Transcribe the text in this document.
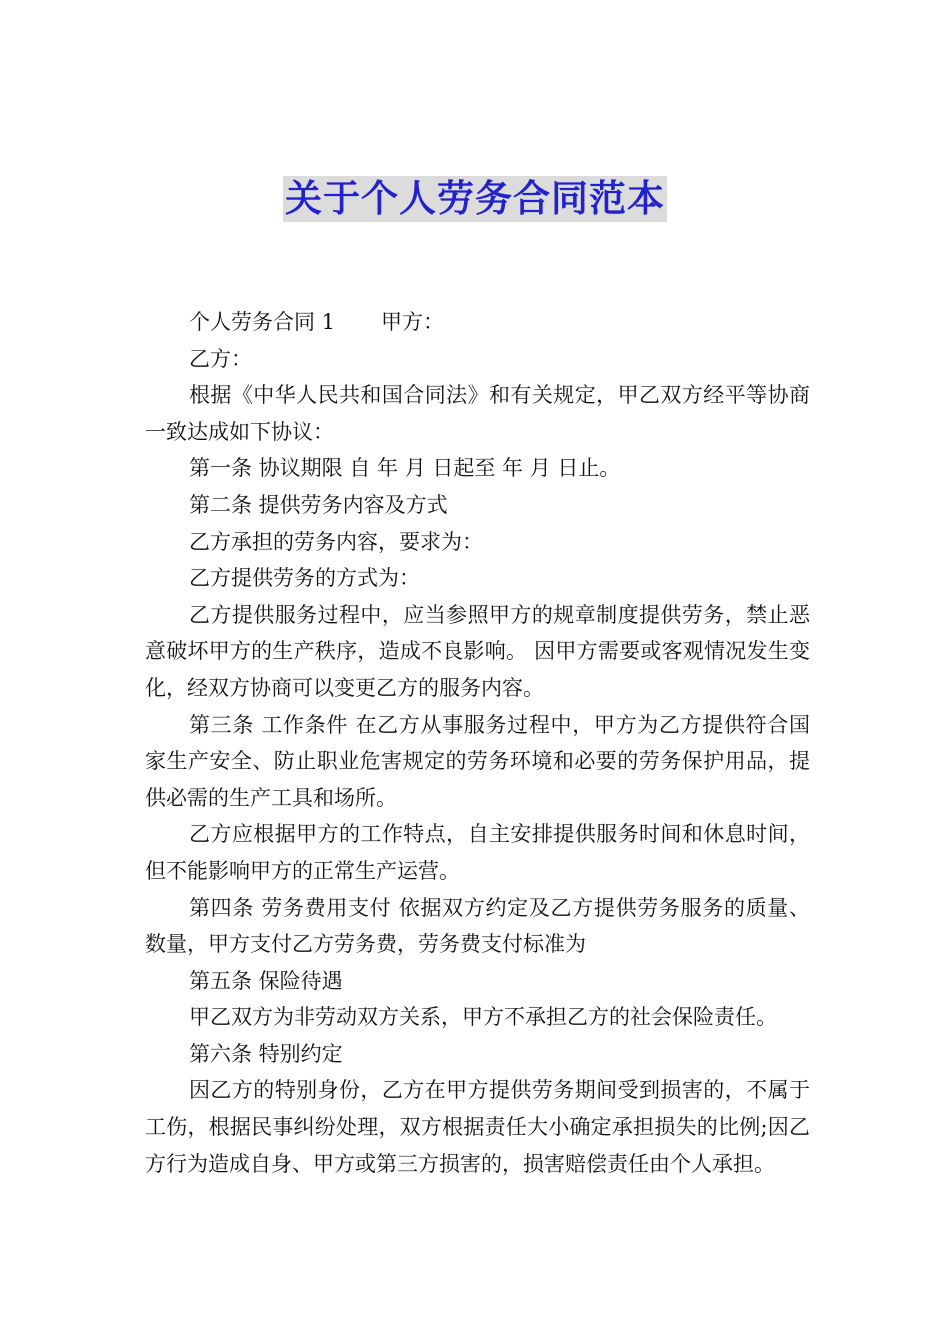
关于个人劳务合同范本

个人劳务合同 1 甲方：

乙方：

根据《中华人民共和国合同法》和有关规定，甲乙双方经平等协商一致达成如下协议：

第一条 协议期限 自 年 月 日起至 年 月 日止。

第二条 提供劳务内容及方式

乙方承担的劳务内容，要求为：

乙方提供劳务的方式为：

乙方提供服务过程中，应当参照甲方的规章制度提供劳务，禁止恶意破坏甲方的生产秩序，造成不良影响。 因甲方需要或客观情况发生变化，经双方协商可以变更乙方的服务内容。

第三条 工作条件 在乙方从事服务过程中，甲方为乙方提供符合国家生产安全、防止职业危害规定的劳务环境和必要的劳务保护用品，提供必需的生产工具和场所。

乙方应根据甲方的工作特点，自主安排提供服务时间和休息时间，但不能影响甲方的正常生产运营。

第四条 劳务费用支付 依据双方约定及乙方提供劳务服务的质量、数量，甲方支付乙方劳务费，劳务费支付标准为

第五条 保险待遇

甲乙双方为非劳动双方关系，甲方不承担乙方的社会保险责任。

第六条 特别约定

因乙方的特别身份，乙方在甲方提供劳务期间受到损害的，不属于工伤，根据民事纠纷处理，双方根据责任大小确定承担损失的比例;因乙方行为造成自身、甲方或第三方损害的，损害赔偿责任由个人承担。
